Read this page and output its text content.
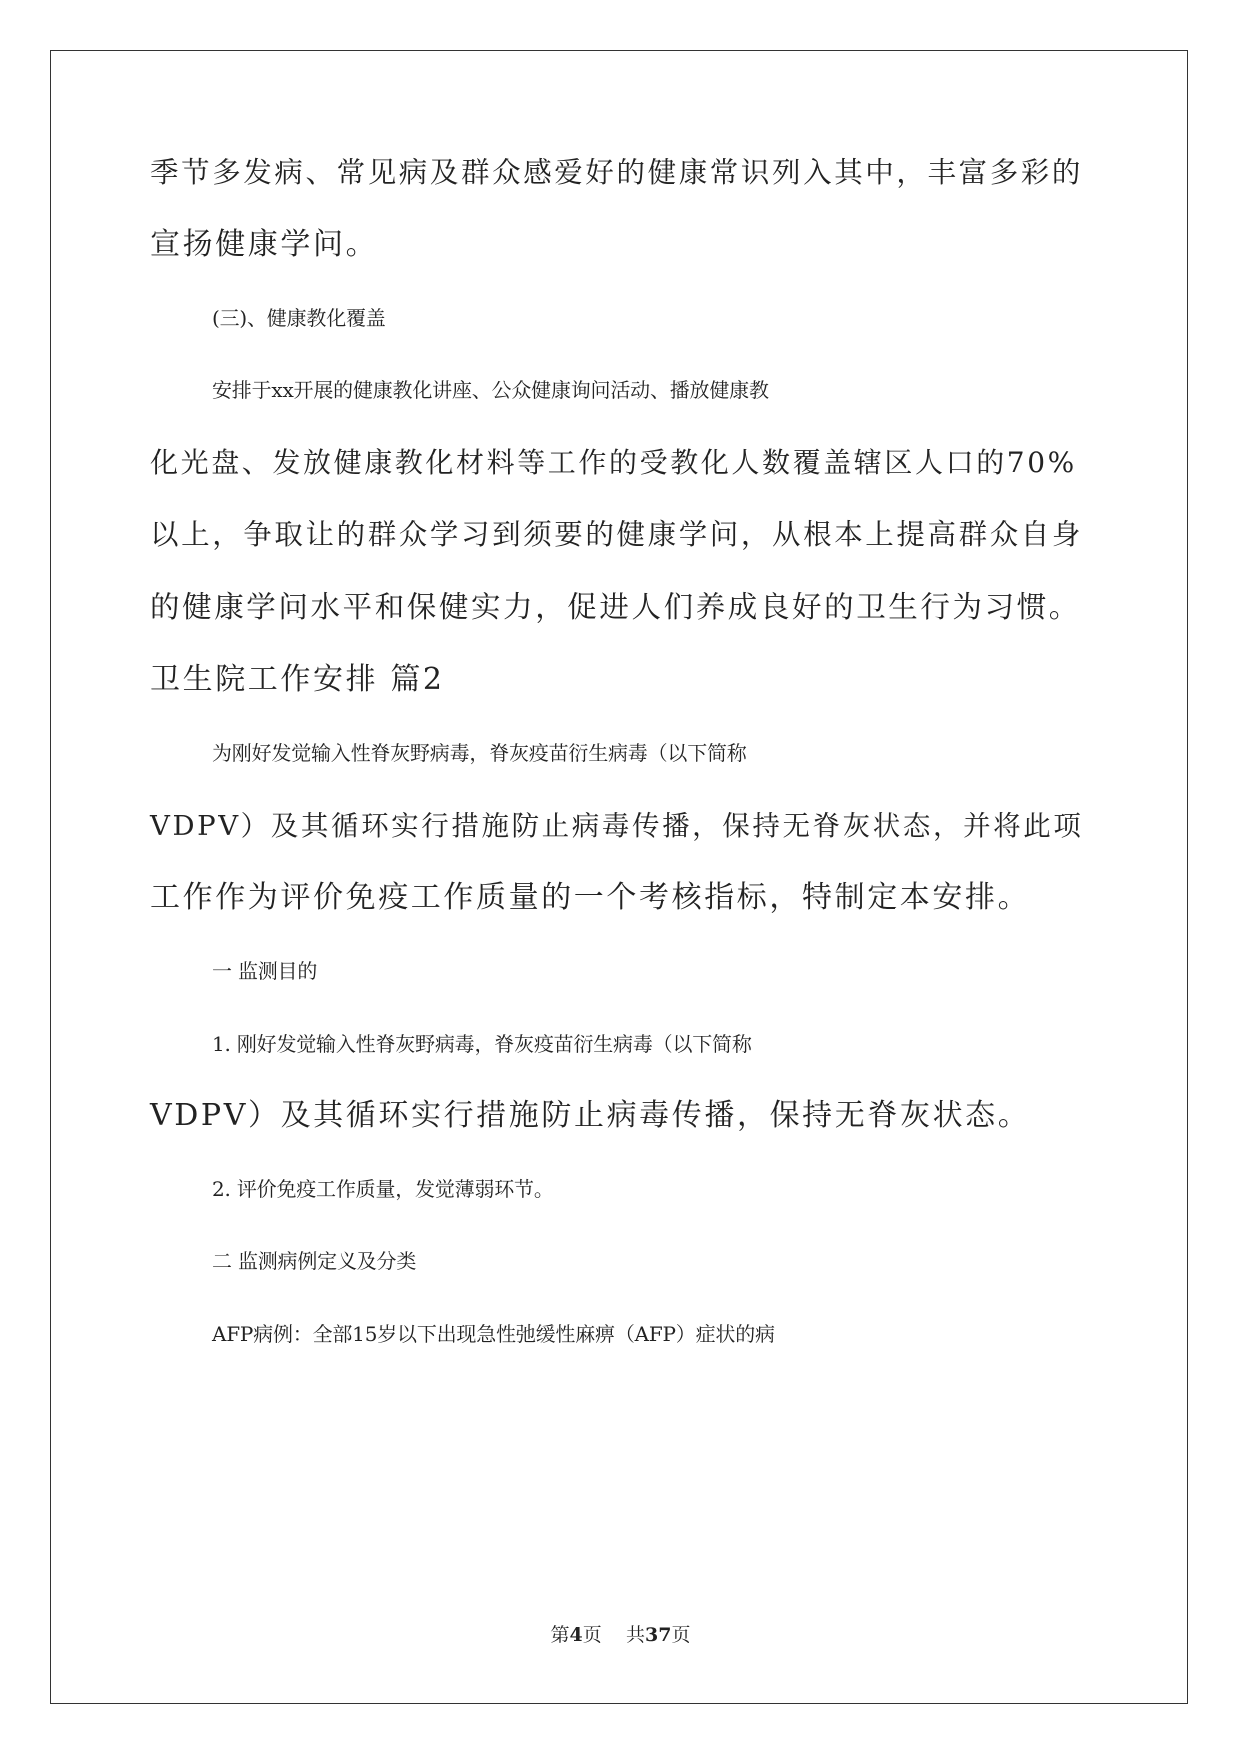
季节多发病、常见病及群众感爱好的健康常识列入其中，丰富多彩的
宣扬健康学问。
(三)、健康教化覆盖
安排于xx开展的健康教化讲座、公众健康询问活动、播放健康教
化光盘、发放健康教化材料等工作的受教化人数覆盖辖区人口的70%
以上，争取让的群众学习到须要的健康学问，从根本上提高群众自身
的健康学问水平和保健实力，促进人们养成良好的卫生行为习惯。
卫生院工作安排 篇2
为刚好发觉输入性脊灰野病毒，脊灰疫苗衍生病毒（以下简称
VDPV）及其循环实行措施防止病毒传播，保持无脊灰状态，并将此项
工作作为评价免疫工作质量的一个考核指标，特制定本安排。
一 监测目的
1. 刚好发觉输入性脊灰野病毒，脊灰疫苗衍生病毒（以下简称
VDPV）及其循环实行措施防止病毒传播，保持无脊灰状态。
2. 评价免疫工作质量，发觉薄弱环节。
二 监测病例定义及分类
AFP病例：全部15岁以下出现急性弛缓性麻痹（AFP）症状的病
第4页 共37页
